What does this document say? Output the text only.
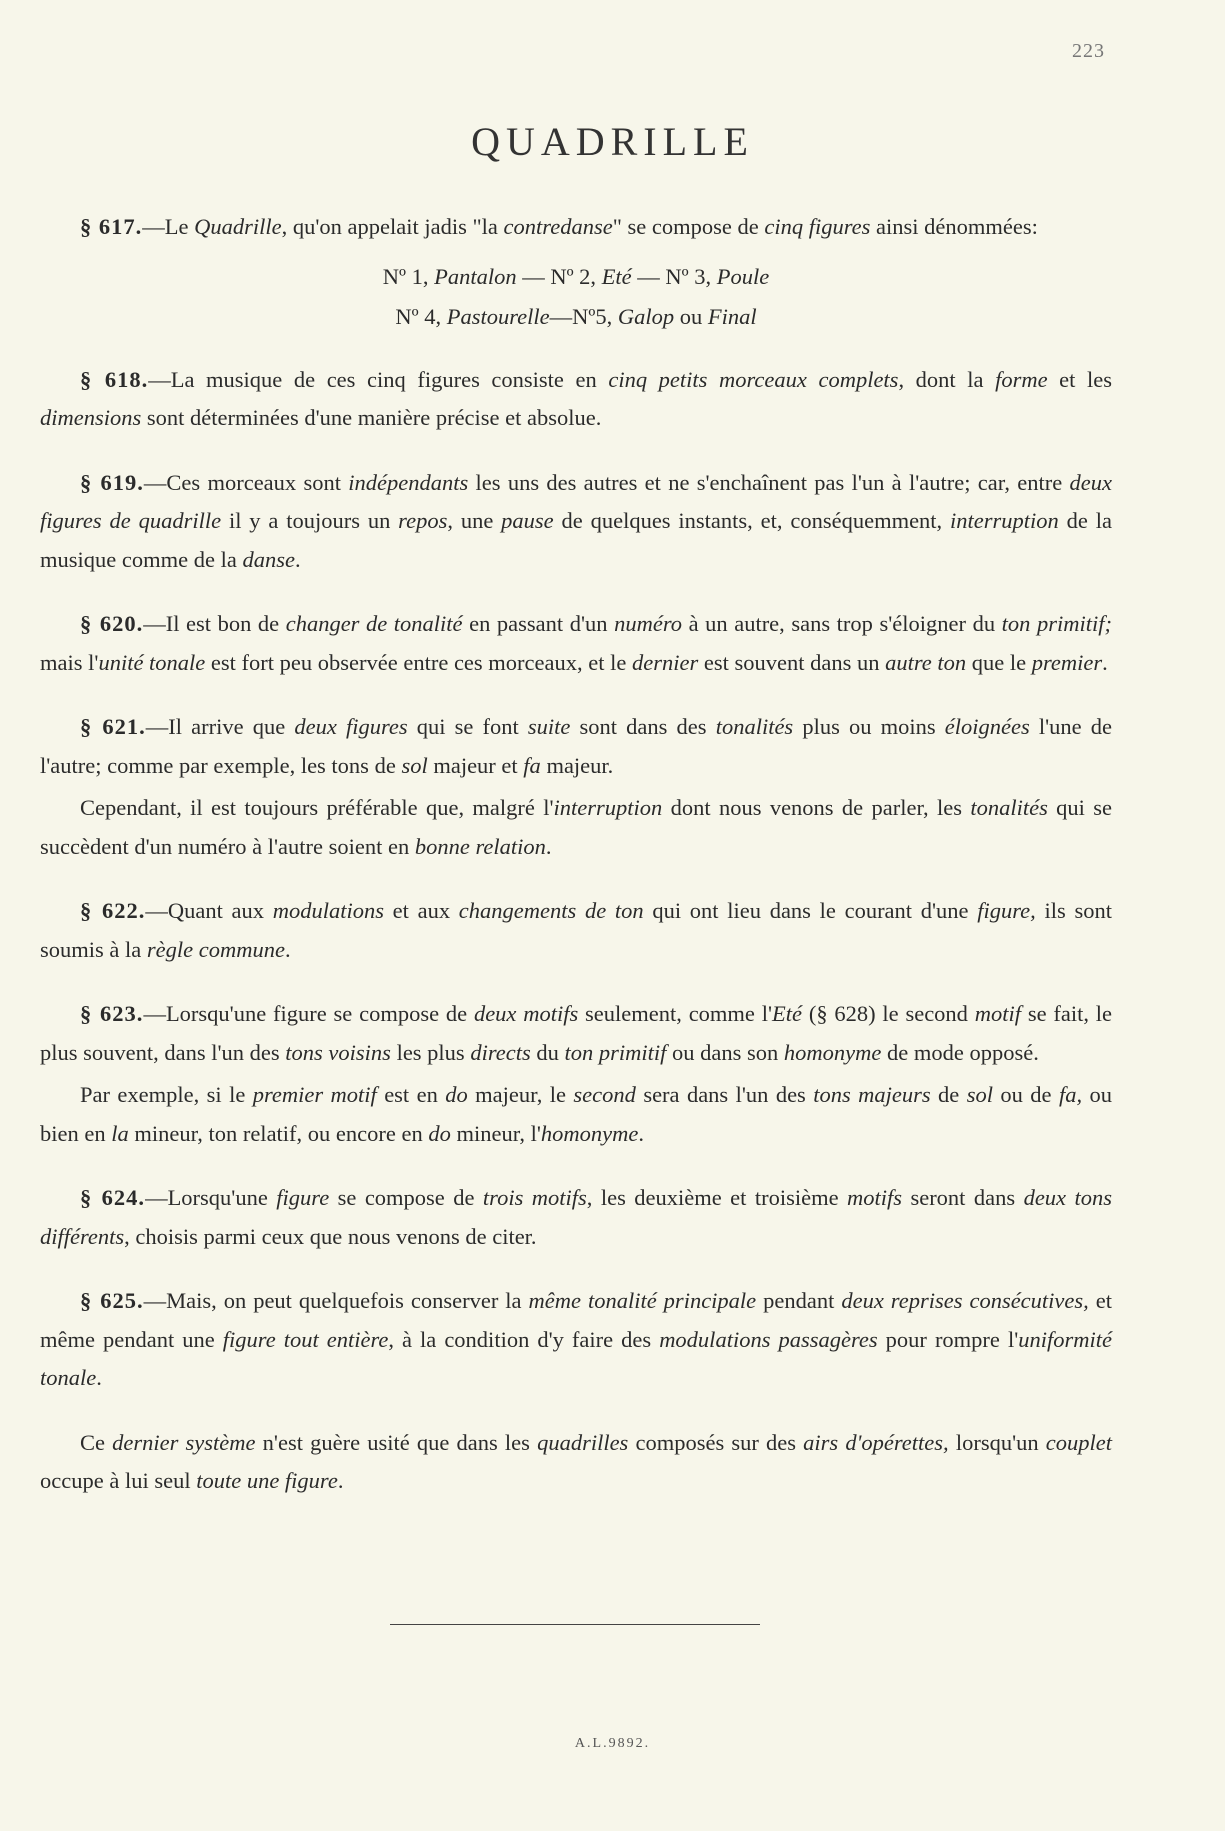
223
QUADRILLE

§ 617.—Le Quadrille, qu'on appelait jadis "la contredanse" se compose de cinq figures ainsi dénommées:

Nº 1, Pantalon — Nº 2, Eté — Nº 3, Poule

Nº 4, Pastourelle—Nº5, Galop ou Final

§ 618.—La musique de ces cinq figures consiste en cinq petits morceaux complets, dont la forme et les dimensions sont déterminées d'une manière précise et absolue.

§ 619.—Ces morceaux sont indépendants les uns des autres et ne s'enchaînent pas l'un à l'autre; car, entre deux figures de quadrille il y a toujours un repos, une pause de quelques instants, et, conséquemment, interruption de la musique comme de la danse.

§ 620.—Il est bon de changer de tonalité en passant d'un numéro à un autre, sans trop s'éloigner du ton primitif; mais l'unité tonale est fort peu observée entre ces morceaux, et le dernier est souvent dans un autre ton que le premier.

§ 621.—Il arrive que deux figures qui se font suite sont dans des tonalités plus ou moins éloignées l'une de l'autre; comme par exemple, les tons de sol majeur et fa majeur.

Cependant, il est toujours préférable que, malgré l'interruption dont nous venons de parler, les tonalités qui se succèdent d'un numéro à l'autre soient en bonne relation.

§ 622.—Quant aux modulations et aux changements de ton qui ont lieu dans le courant d'une figure, ils sont soumis à la règle commune.

§ 623.—Lorsqu'une figure se compose de deux motifs seulement, comme l'Eté (§ 628) le second motif se fait, le plus souvent, dans l'un des tons voisins les plus directs du ton primitif ou dans son homonyme de mode opposé.

Par exemple, si le premier motif est en do majeur, le second sera dans l'un des tons majeurs de sol ou de fa, ou bien en la mineur, ton relatif, ou encore en do mineur, l'homonyme.

§ 624.—Lorsqu'une figure se compose de trois motifs, les deuxième et troisième motifs seront dans deux tons différents, choisis parmi ceux que nous venons de citer.

§ 625.—Mais, on peut quelquefois conserver la même tonalité principale pendant deux reprises consécutives, et même pendant une figure tout entière, à la condition d'y faire des modulations passagères pour rompre l'uniformité tonale.

Ce dernier système n'est guère usité que dans les quadrilles composés sur des airs d'opérettes, lorsqu'un couplet occupe à lui seul toute une figure.

A.L.9892.
